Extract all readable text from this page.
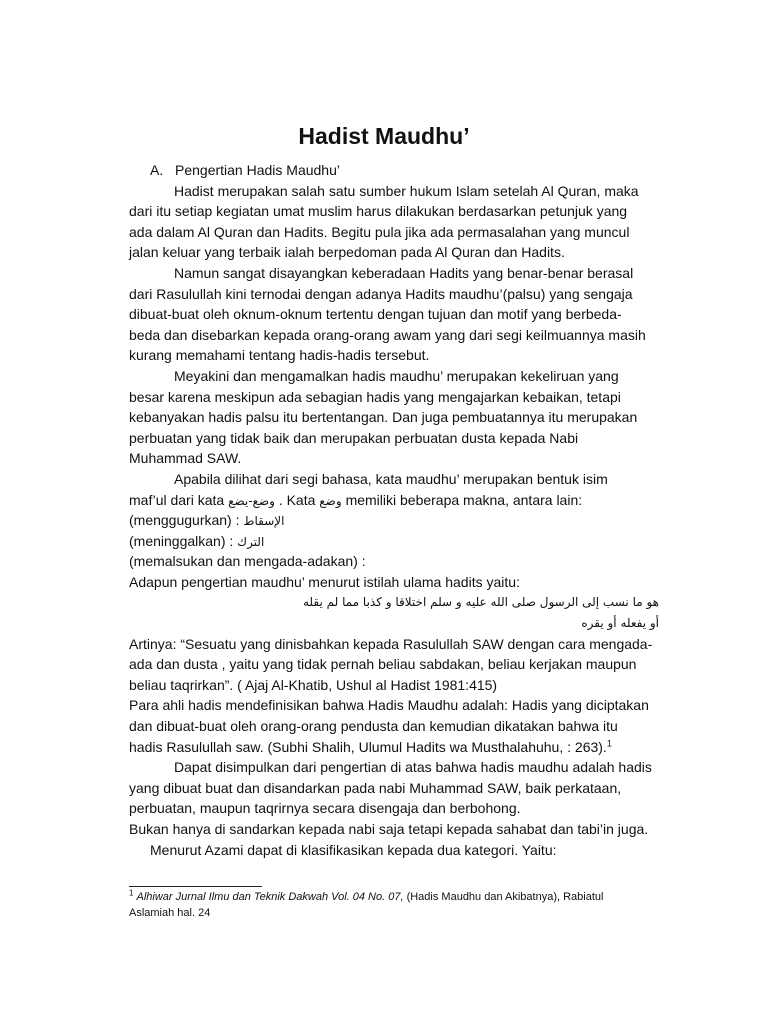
Hadist Maudhu’
A. Pengertian Hadis Maudhu’
Hadist merupakan salah satu sumber hukum Islam setelah Al Quran, maka
dari itu setiap kegiatan umat muslim harus dilakukan berdasarkan petunjuk yang
ada dalam Al Quran dan Hadits. Begitu pula jika ada permasalahan yang muncul
jalan keluar yang terbaik ialah berpedoman pada Al Quran dan Hadits.
Namun sangat disayangkan keberadaan Hadits yang benar-benar berasal
dari Rasulullah kini ternodai dengan adanya Hadits maudhu’(palsu) yang sengaja
dibuat-buat oleh oknum-oknum tertentu dengan tujuan dan motif yang berbeda-
beda dan disebarkan kepada orang-orang awam yang dari segi keilmuannya masih
kurang memahami tentang hadis-hadis tersebut.
Meyakini dan mengamalkan hadis maudhu’ merupakan kekeliruan yang
besar karena meskipun ada sebagian hadis yang mengajarkan kebaikan, tetapi
kebanyakan hadis palsu itu bertentangan. Dan juga pembuatannya itu merupakan
perbuatan yang tidak baik dan merupakan perbuatan dusta kepada Nabi
Muhammad SAW.
Apabila dilihat dari segi bahasa, kata maudhu’ merupakan bentuk isim
maf’ul dari kata وضع-يضع . Kata وضع memiliki beberapa makna, antara lain:
(menggugurkan) : الإسقاط
(meninggalkan) : الترك
(memalsukan dan mengada-adakan) :
Adapun pengertian maudhu’ menurut istilah ulama hadits yaitu:
هو ما نسب إلى الرسول صلى الله عليه و سلم اختلاقا و كذبا مما لم يقله
أو يفعله أو يقره
Artinya: “Sesuatu yang dinisbahkan kepada Rasulullah SAW dengan cara mengada-
ada dan dusta , yaitu yang tidak pernah beliau sabdakan, beliau kerjakan maupun
beliau taqrirkan”. ( Ajaj Al-Khatib, Ushul al Hadist 1981:415)
Para ahli hadis mendefinisikan bahwa Hadis Maudhu adalah: Hadis yang diciptakan
dan dibuat-buat oleh orang-orang pendusta dan kemudian dikatakan bahwa itu
hadis Rasulullah saw. (Subhi Shalih, Ulumul Hadits wa Musthalahuhu, : 263).$^1$
Dapat disimpulkan dari pengertian di atas bahwa hadis maudhu adalah hadis
yang dibuat buat dan disandarkan pada nabi Muhammad SAW, baik perkataan,
perbuatan, maupun taqrirnya secara disengaja dan berbohong.
Bukan hanya di sandarkan kepada nabi saja tetapi kepada sahabat dan tabi’in juga.
Menurut Azami dapat di klasifikasikan kepada dua kategori. Yaitu:
$^1$ Alhiwar Jurnal Ilmu dan Teknik Dakwah Vol. 04 No. 07, (Hadis Maudhu dan Akibatnya), Rabiatul
Aslamiah hal. 24
